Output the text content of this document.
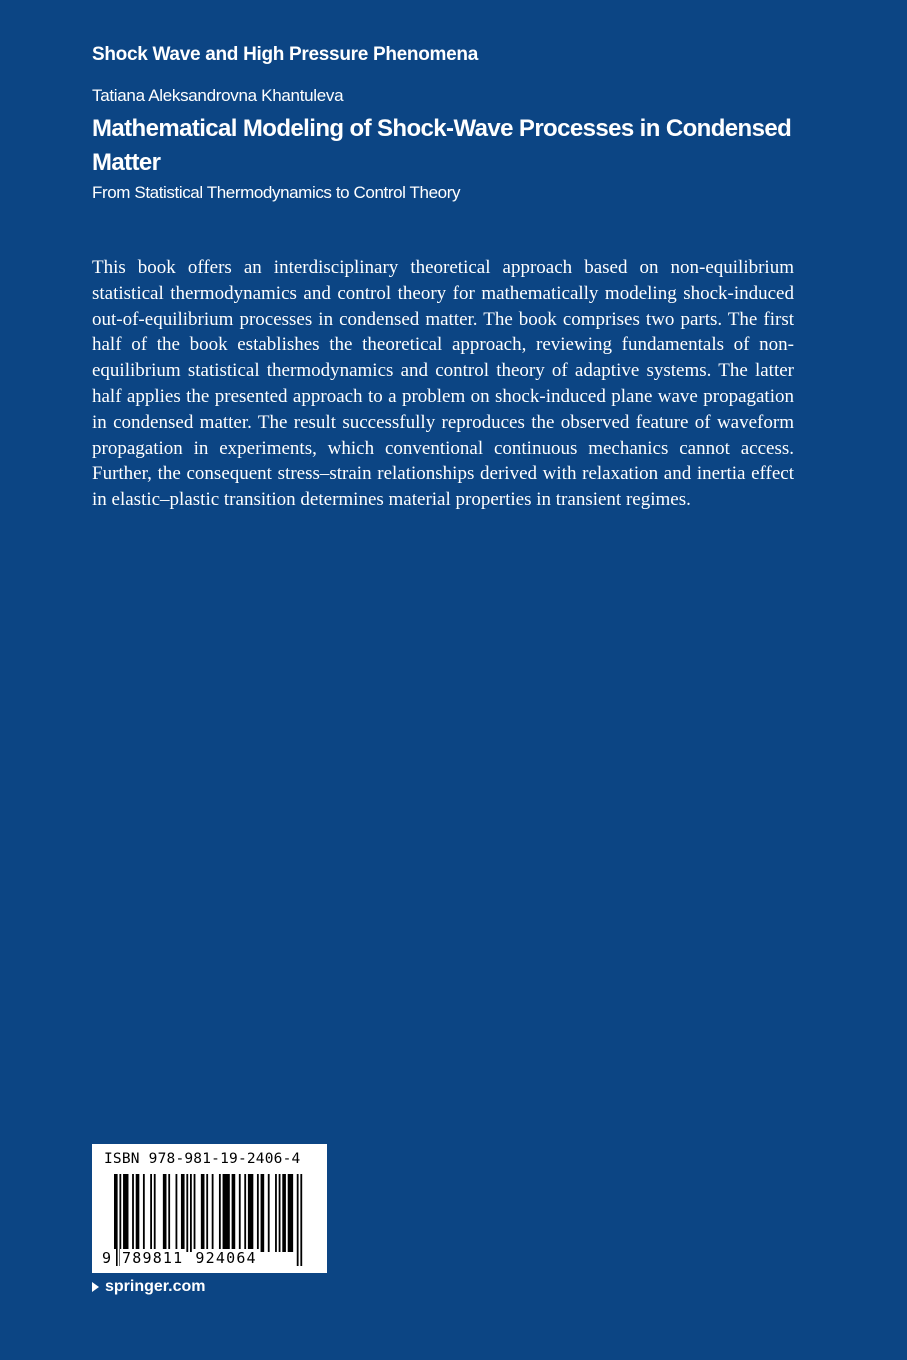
Shock Wave and High Pressure Phenomena
Tatiana Aleksandrovna Khantuleva
Mathematical Modeling of Shock-Wave Processes in Condensed Matter
From Statistical Thermodynamics to Control Theory

This book offers an interdisciplinary theoretical approach based on non-equilibrium statistical thermodynamics and control theory for mathematically modeling shock-induced out-of-equilibrium processes in condensed matter. The book comprises two parts. The first half of the book establishes the theoretical approach, reviewing fundamentals of non-equilibrium statistical thermodynamics and control theory of adaptive systems. The latter half applies the presented approach to a problem on shock-induced plane wave propagation in condensed matter. The result successfully reproduces the observed feature of waveform propagation in experiments, which conventional continuous mechanics cannot access. Further, the consequent stress–strain relationships derived with relaxation and inertia effect in elastic–plastic transition determines material properties in transient regimes.

ISBN 978-981-19-2406-4
9 789811 924064
springer.com
